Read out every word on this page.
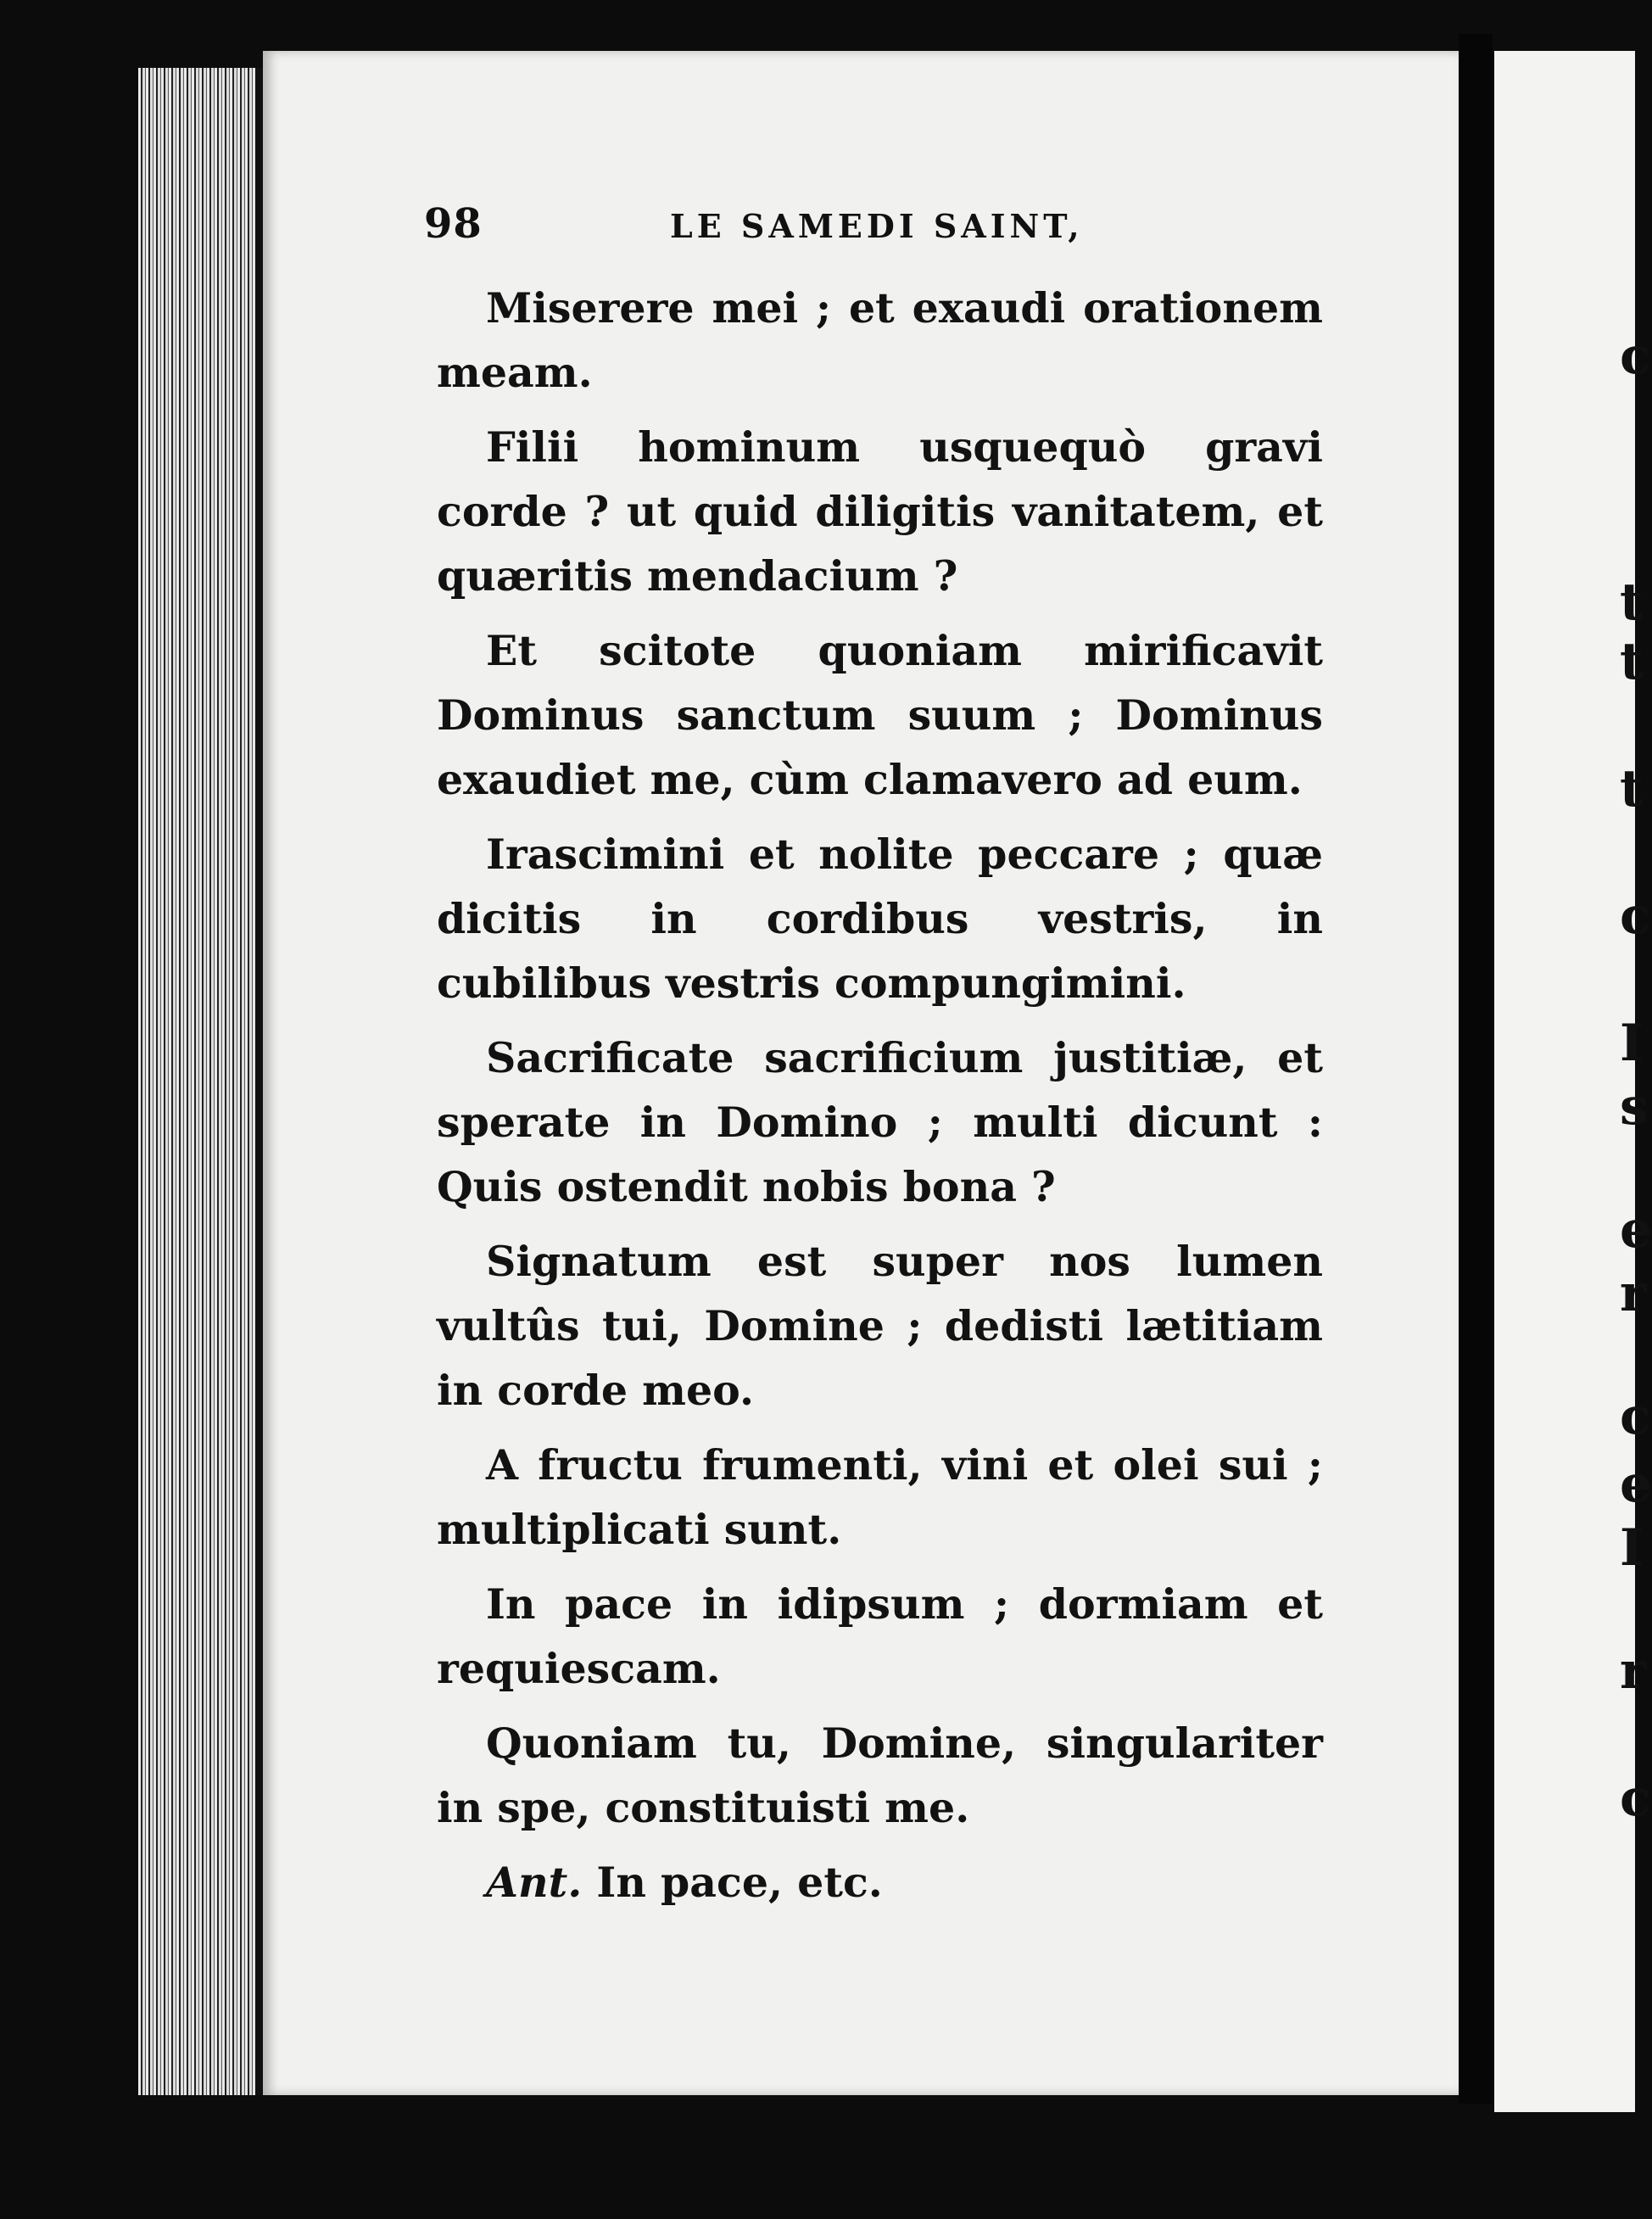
98	LE SAMEDI SAINT,

Miserere mei ; et exaudi orationem meam.

Filii hominum usquequò gravi corde ? ut quid diligitis vanitatem, et quæritis mendacium ?

Et scitote quoniam mirificavit Dominus sanctum suum ; Dominus exaudiet me, cùm clamavero ad eum.

Irascimini et nolite peccare ; quæ dicitis in cordibus vestris, in cubilibus vestris compungimini.

Sacrificate sacrificium justitiæ, et sperate in Domino ; multi dicunt : Quis ostendit nobis bona ?

Signatum est super nos lumen vultûs tui, Domine ; dedisti lætitiam in corde meo.

A fructu frumenti, vini et olei sui ; multiplicati sunt.

In pace in idipsum ; dormiam et requiescam.

Quoniam tu, Domine, singulariter in spe, constituisti me.

Ant. In pace, etc.

c
t
t
t
c
I
s
e
r
c
e
I
r
c
